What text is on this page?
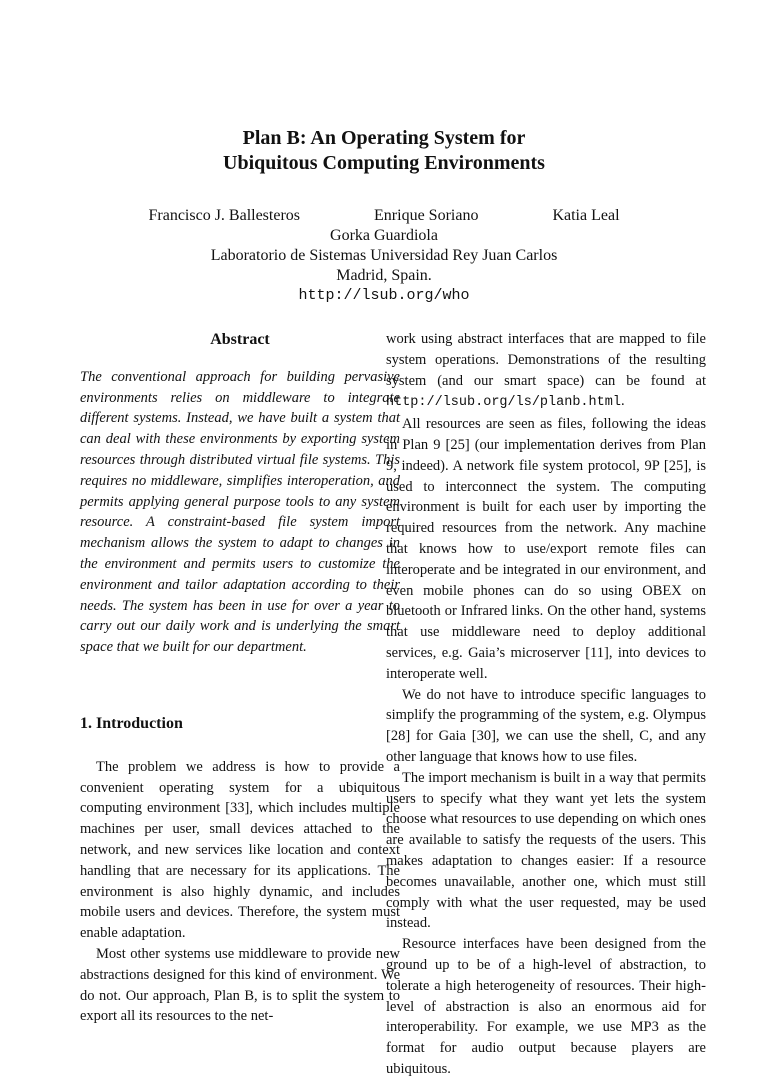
Plan B: An Operating System for
Ubiquitous Computing Environments
Francisco J. Ballesteros	Enrique Soriano	Katia Leal
Gorka Guardiola
Laboratorio de Sistemas Universidad Rey Juan Carlos
Madrid, Spain.
http://lsub.org/who
Abstract

The conventional approach for building pervasive environments relies on middleware to integrate different systems. Instead, we have built a system that can deal with these environments by exporting system resources through distributed virtual file systems. This requires no middleware, simplifies interoperation, and permits applying general purpose tools to any system resource. A constraint-based file system import mechanism allows the system to adapt to changes in the environment and permits users to customize the environment and tailor adaptation according to their needs. The system has been in use for over a year to carry out our daily work and is underlying the smart space that we built for our department.

1. Introduction

The problem we address is how to provide a convenient operating system for a ubiquitous computing environment [33], which includes multiple machines per user, small devices attached to the network, and new services like location and context handling that are necessary for its applications. The environment is also highly dynamic, and includes mobile users and devices. Therefore, the system must enable adaptation.

Most other systems use middleware to provide new abstractions designed for this kind of environment. We do not. Our approach, Plan B, is to split the system to export all its resources to the net-

work using abstract interfaces that are mapped to file system operations. Demonstrations of the resulting system (and our smart space) can be found at http://lsub.org/ls/planb.html.

All resources are seen as files, following the ideas in Plan 9 [25] (our implementation derives from Plan 9, indeed). A network file system protocol, 9P [25], is used to interconnect the system. The computing environment is built for each user by importing the required resources from the network. Any machine that knows how to use/export remote files can interoperate and be integrated in our environment, and even mobile phones can do so using OBEX on bluetooth or Infrared links. On the other hand, systems that use middleware need to deploy additional services, e.g. Gaia’s microserver [11], into devices to interoperate well.

We do not have to introduce specific languages to simplify the programming of the system, e.g. Olympus [28] for Gaia [30], we can use the shell, C, and any other language that knows how to use files.

The import mechanism is built in a way that permits users to specify what they want yet lets the system choose what resources to use depending on which ones are available to satisfy the requests of the users. This makes adaptation to changes easier: If a resource becomes unavailable, another one, which must still comply with what the user requested, may be used instead.

Resource interfaces have been designed from the ground up to be of a high-level of abstraction, to tolerate a high heterogeneity of resources. Their high-level of abstraction is also an enormous aid for interoperability. For example, we use MP3 as the format for audio output because players are ubiquitous.
